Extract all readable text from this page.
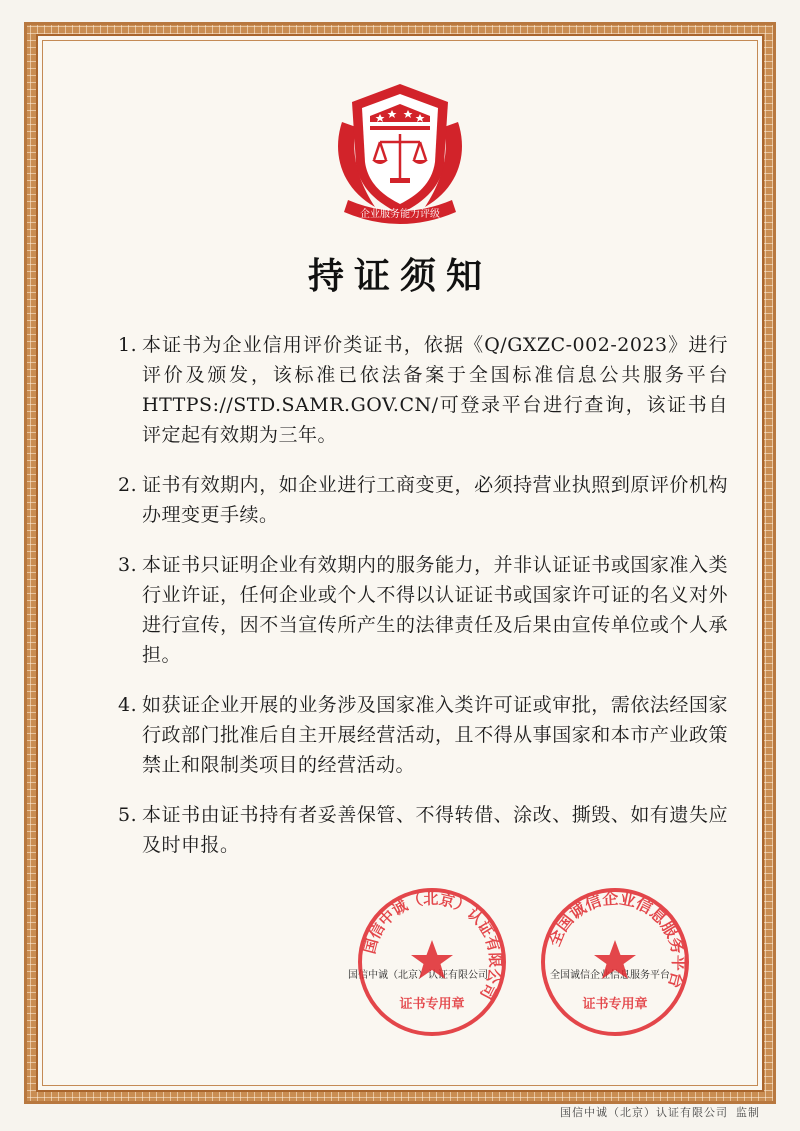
企业服务能力评级
持证须知
1. 本证书为企业信用评价类证书，依据《Q/GXZC-002-2023》进行评价及颁发，该标准已依法备案于全国标准信息公共服务平台HTTPS://STD.SAMR.GOV.CN/可登录平台进行查询，该证书自评定起有效期为三年。
2. 证书有效期内，如企业进行工商变更，必须持营业执照到原评价机构办理变更手续。
3. 本证书只证明企业有效期内的服务能力，并非认证证书或国家准入类行业许证，任何企业或个人不得以认证证书或国家许可证的名义对外进行宣传，因不当宣传所产生的法律责任及后果由宣传单位或个人承担。
4. 如获证企业开展的业务涉及国家准入类许可证或审批，需依法经国家行政部门批准后自主开展经营活动，且不得从事国家和本市产业政策禁止和限制类项目的经营活动。
5. 本证书由证书持有者妥善保管、不得转借、涂改、撕毁、如有遗失应及时申报。
国信中诚（北京）认证有限公司	全国诚信企业信息服务平台
国信中诚（北京）认证有限公司
证书专用章
全国诚信企业信息服务平台
证书专用章
国信中诚（北京）认证有限公司 监制
